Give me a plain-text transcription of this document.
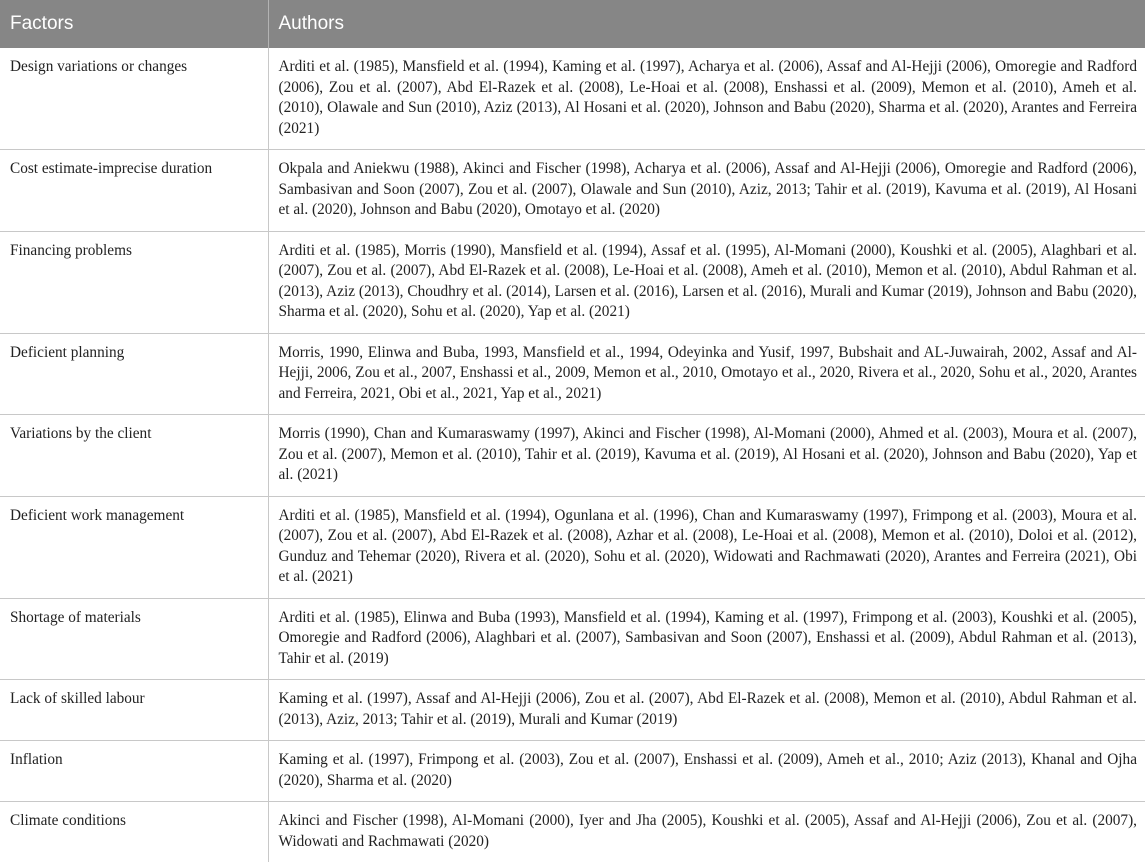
Factors	Authors
Design variations or changes	Arditi et al. (1985), Mansfield et al. (1994), Kaming et al. (1997), Acharya et al. (2006), Assaf and Al-Hejji (2006), Omoregie and Radford (2006), Zou et al. (2007), Abd El-Razek et al. (2008), Le-Hoai et al. (2008), Enshassi et al. (2009), Memon et al. (2010), Ameh et al. (2010), Olawale and Sun (2010), Aziz (2013), Al Hosani et al. (2020), Johnson and Babu (2020), Sharma et al. (2020), Arantes and Ferreira (2021)
Cost estimate-imprecise duration	Okpala and Aniekwu (1988), Akinci and Fischer (1998), Acharya et al. (2006), Assaf and Al-Hejji (2006), Omoregie and Radford (2006), Sambasivan and Soon (2007), Zou et al. (2007), Olawale and Sun (2010), Aziz, 2013; Tahir et al. (2019), Kavuma et al. (2019), Al Hosani et al. (2020), Johnson and Babu (2020), Omotayo et al. (2020)
Financing problems	Arditi et al. (1985), Morris (1990), Mansfield et al. (1994), Assaf et al. (1995), Al-Momani (2000), Koushki et al. (2005), Alaghbari et al. (2007), Zou et al. (2007), Abd El-Razek et al. (2008), Le-Hoai et al. (2008), Ameh et al. (2010), Memon et al. (2010), Abdul Rahman et al. (2013), Aziz (2013), Choudhry et al. (2014), Larsen et al. (2016), Larsen et al. (2016), Murali and Kumar (2019), Johnson and Babu (2020), Sharma et al. (2020), Sohu et al. (2020), Yap et al. (2021)
Deficient planning	Morris, 1990, Elinwa and Buba, 1993, Mansfield et al., 1994, Odeyinka and Yusif, 1997, Bubshait and AL-Juwairah, 2002, Assaf and Al-Hejji, 2006, Zou et al., 2007, Enshassi et al., 2009, Memon et al., 2010, Omotayo et al., 2020, Rivera et al., 2020, Sohu et al., 2020, Arantes and Ferreira, 2021, Obi et al., 2021, Yap et al., 2021)
Variations by the client	Morris (1990), Chan and Kumaraswamy (1997), Akinci and Fischer (1998), Al-Momani (2000), Ahmed et al. (2003), Moura et al. (2007), Zou et al. (2007), Memon et al. (2010), Tahir et al. (2019), Kavuma et al. (2019), Al Hosani et al. (2020), Johnson and Babu (2020), Yap et al. (2021)
Deficient work management	Arditi et al. (1985), Mansfield et al. (1994), Ogunlana et al. (1996), Chan and Kumaraswamy (1997), Frimpong et al. (2003), Moura et al. (2007), Zou et al. (2007), Abd El-Razek et al. (2008), Azhar et al. (2008), Le-Hoai et al. (2008), Memon et al. (2010), Doloi et al. (2012), Gunduz and Tehemar (2020), Rivera et al. (2020), Sohu et al. (2020), Widowati and Rachmawati (2020), Arantes and Ferreira (2021), Obi et al. (2021)
Shortage of materials	Arditi et al. (1985), Elinwa and Buba (1993), Mansfield et al. (1994), Kaming et al. (1997), Frimpong et al. (2003), Koushki et al. (2005), Omoregie and Radford (2006), Alaghbari et al. (2007), Sambasivan and Soon (2007), Enshassi et al. (2009), Abdul Rahman et al. (2013), Tahir et al. (2019)
Lack of skilled labour	Kaming et al. (1997), Assaf and Al-Hejji (2006), Zou et al. (2007), Abd El-Razek et al. (2008), Memon et al. (2010), Abdul Rahman et al. (2013), Aziz, 2013; Tahir et al. (2019), Murali and Kumar (2019)
Inflation	Kaming et al. (1997), Frimpong et al. (2003), Zou et al. (2007), Enshassi et al. (2009), Ameh et al., 2010; Aziz (2013), Khanal and Ojha (2020), Sharma et al. (2020)
Climate conditions	Akinci and Fischer (1998), Al-Momani (2000), Iyer and Jha (2005), Koushki et al. (2005), Assaf and Al-Hejji (2006), Zou et al. (2007), Widowati and Rachmawati (2020)
